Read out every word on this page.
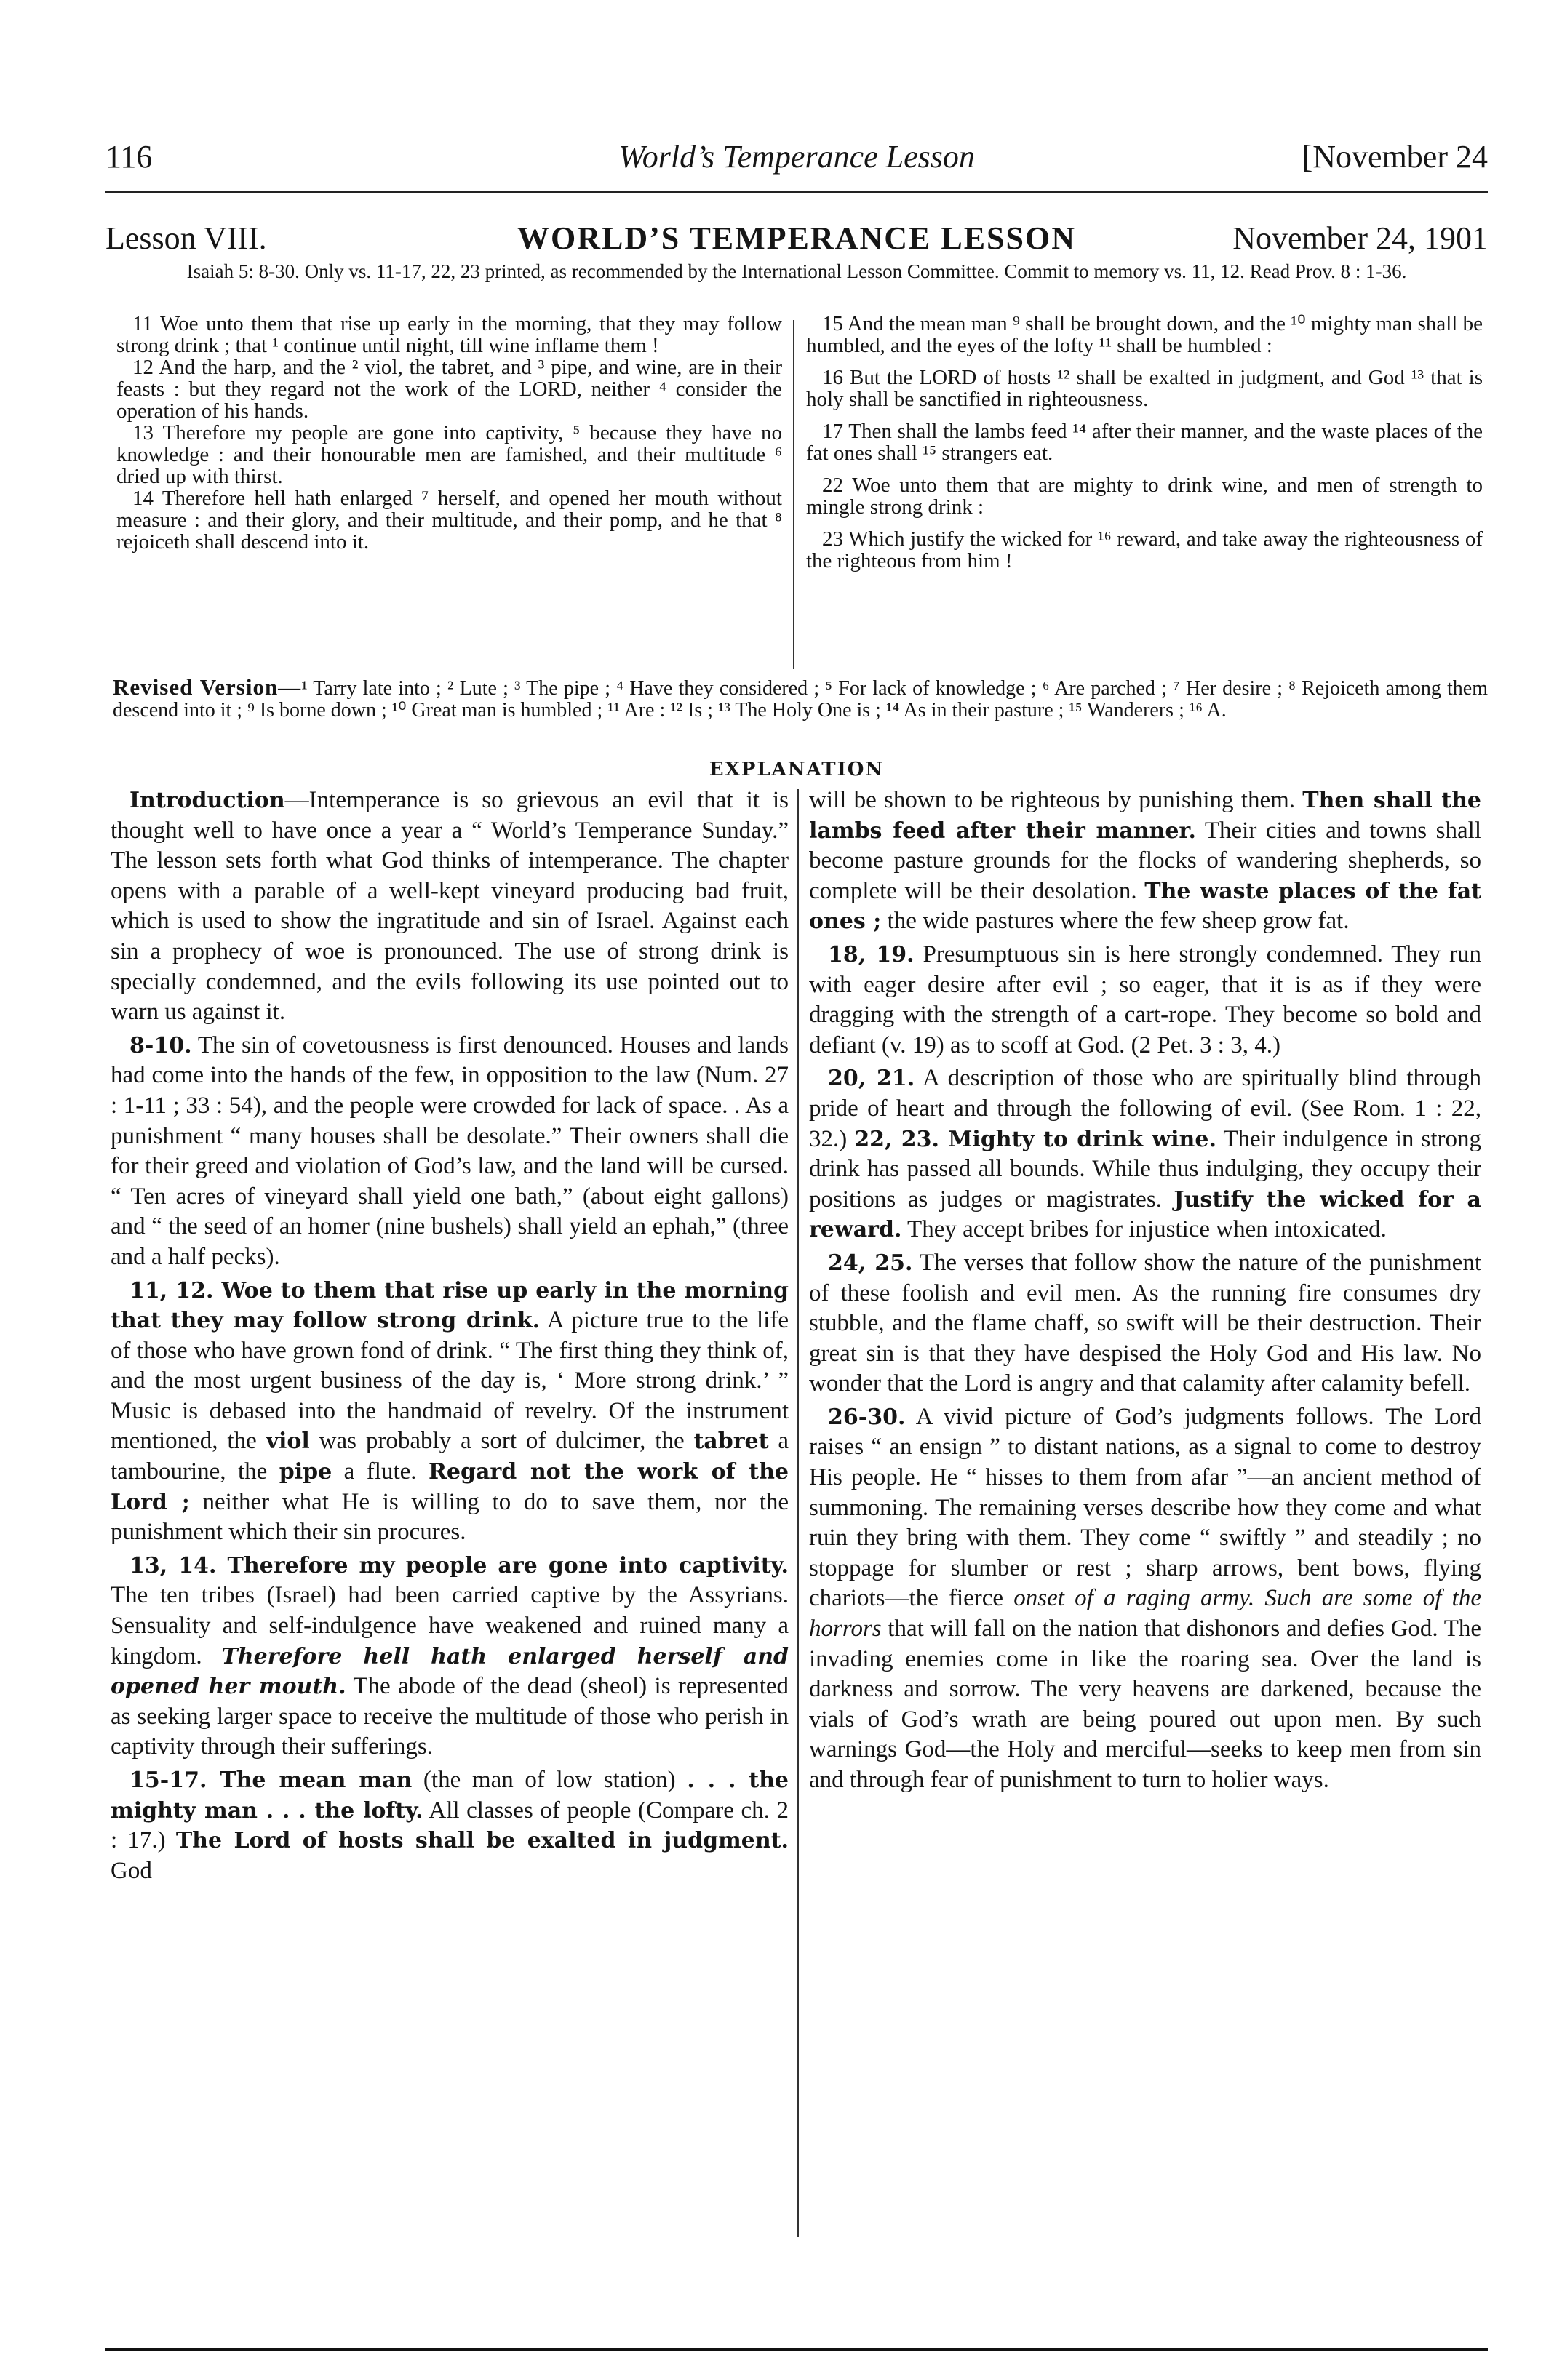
116	World’s Temperance Lesson	[November 24
Lesson VIII.	WORLD’S TEMPERANCE LESSON	November 24, 1901
Isaiah 5: 8-30. Only vs. 11-17, 22, 23 printed, as recommended by the International Lesson Committee. Commit to memory vs. 11, 12. Read Prov. 8 : 1-36.

11 Woe unto them that rise up early in the morning, that they may follow strong drink ; that ¹ continue until night, till wine inflame them !

12 And the harp, and the ² viol, the tabret, and ³ pipe, and wine, are in their feasts : but they regard not the work of the LORD, neither ⁴ consider the operation of his hands.

13 Therefore my people are gone into captivity, ⁵ because they have no knowledge : and their honourable men are famished, and their multitude ⁶ dried up with thirst.

14 Therefore hell hath enlarged ⁷ herself, and opened her mouth without measure : and their glory, and their multitude, and their pomp, and he that ⁸ rejoiceth shall descend into it.

15 And the mean man ⁹ shall be brought down, and the ¹⁰ mighty man shall be humbled, and the eyes of the lofty ¹¹ shall be humbled :

16 But the LORD of hosts ¹² shall be exalted in judgment, and God ¹³ that is holy shall be sanctified in righteousness.

17 Then shall the lambs feed ¹⁴ after their manner, and the waste places of the fat ones shall ¹⁵ strangers eat.

22 Woe unto them that are mighty to drink wine, and men of strength to mingle strong drink :

23 Which justify the wicked for ¹⁶ reward, and take away the righteousness of the righteous from him !

Revised Version—¹ Tarry late into ; ² Lute ; ³ The pipe ; ⁴ Have they considered ; ⁵ For lack of knowledge ; ⁶ Are parched ; ⁷ Her desire ; ⁸ Rejoiceth among them descend into it ; ⁹ Is borne down ; ¹⁰ Great man is humbled ; ¹¹ Are : ¹² Is ; ¹³ The Holy One is ; ¹⁴ As in their pasture ; ¹⁵ Wanderers ; ¹⁶ A.
EXPLANATION

Introduction—Intemperance is so grievous an evil that it is thought well to have once a year a “ World’s Temperance Sunday.” The lesson sets forth what God thinks of intemperance. The chapter opens with a parable of a well-kept vineyard producing bad fruit, which is used to show the ingratitude and sin of Israel. Against each sin a prophecy of woe is pronounced. The use of strong drink is specially condemned, and the evils following its use pointed out to warn us against it.

8-10. The sin of covetousness is first denounced. Houses and lands had come into the hands of the few, in opposition to the law (Num. 27 : 1-11 ; 33 : 54), and the people were crowded for lack of space. . As a punishment “ many houses shall be desolate.” Their owners shall die for their greed and violation of God’s law, and the land will be cursed. “ Ten acres of vineyard shall yield one bath,” (about eight gallons) and “ the seed of an homer (nine bushels) shall yield an ephah,” (three and a half pecks).

11, 12. Woe to them that rise up early in the morning that they may follow strong drink. A picture true to the life of those who have grown fond of drink. “ The first thing they think of, and the most urgent business of the day is, ‘ More strong drink.’ ” Music is debased into the handmaid of revelry. Of the instrument mentioned, the viol was probably a sort of dulcimer, the tabret a tambourine, the pipe a flute. Regard not the work of the Lord ; neither what He is willing to do to save them, nor the punishment which their sin procures.

13, 14. Therefore my people are gone into captivity. The ten tribes (Israel) had been carried captive by the Assyrians. Sensuality and self-indulgence have weakened and ruined many a kingdom. Therefore hell hath enlarged herself and opened her mouth. The abode of the dead (sheol) is represented as seeking larger space to receive the multitude of those who perish in captivity through their sufferings.

15-17. The mean man (the man of low station) . . . the mighty man . . . the lofty. All classes of people (Compare ch. 2 : 17.) The Lord of hosts shall be exalted in judgment. God

will be shown to be righteous by punishing them. Then shall the lambs feed after their manner. Their cities and towns shall become pasture grounds for the flocks of wandering shepherds, so complete will be their desolation. The waste places of the fat ones ; the wide pastures where the few sheep grow fat.

18, 19. Presumptuous sin is here strongly condemned. They run with eager desire after evil ; so eager, that it is as if they were dragging with the strength of a cart-rope. They become so bold and defiant (v. 19) as to scoff at God. (2 Pet. 3 : 3, 4.)

20, 21. A description of those who are spiritually blind through pride of heart and through the following of evil. (See Rom. 1 : 22, 32.) 22, 23. Mighty to drink wine. Their indulgence in strong drink has passed all bounds. While thus indulging, they occupy their positions as judges or magistrates. Justify the wicked for a reward. They accept bribes for injustice when intoxicated.

24, 25. The verses that follow show the nature of the punishment of these foolish and evil men. As the running fire consumes dry stubble, and the flame chaff, so swift will be their destruction. Their great sin is that they have despised the Holy God and His law. No wonder that the Lord is angry and that calamity after calamity befell.

26-30. A vivid picture of God’s judgments follows. The Lord raises “ an ensign ” to distant nations, as a signal to come to destroy His people. He “ hisses to them from afar ”—an ancient method of summoning. The remaining verses describe how they come and what ruin they bring with them. They come “ swiftly ” and steadily ; no stoppage for slumber or rest ; sharp arrows, bent bows, flying chariots—the fierce onset of a raging army. Such are some of the horrors that will fall on the nation that dishonors and defies God. The invading enemies come in like the roaring sea. Over the land is darkness and sorrow. The very heavens are darkened, because the vials of God’s wrath are being poured out upon men. By such warnings God—the Holy and merciful—seeks to keep men from sin and through fear of punishment to turn to holier ways.
